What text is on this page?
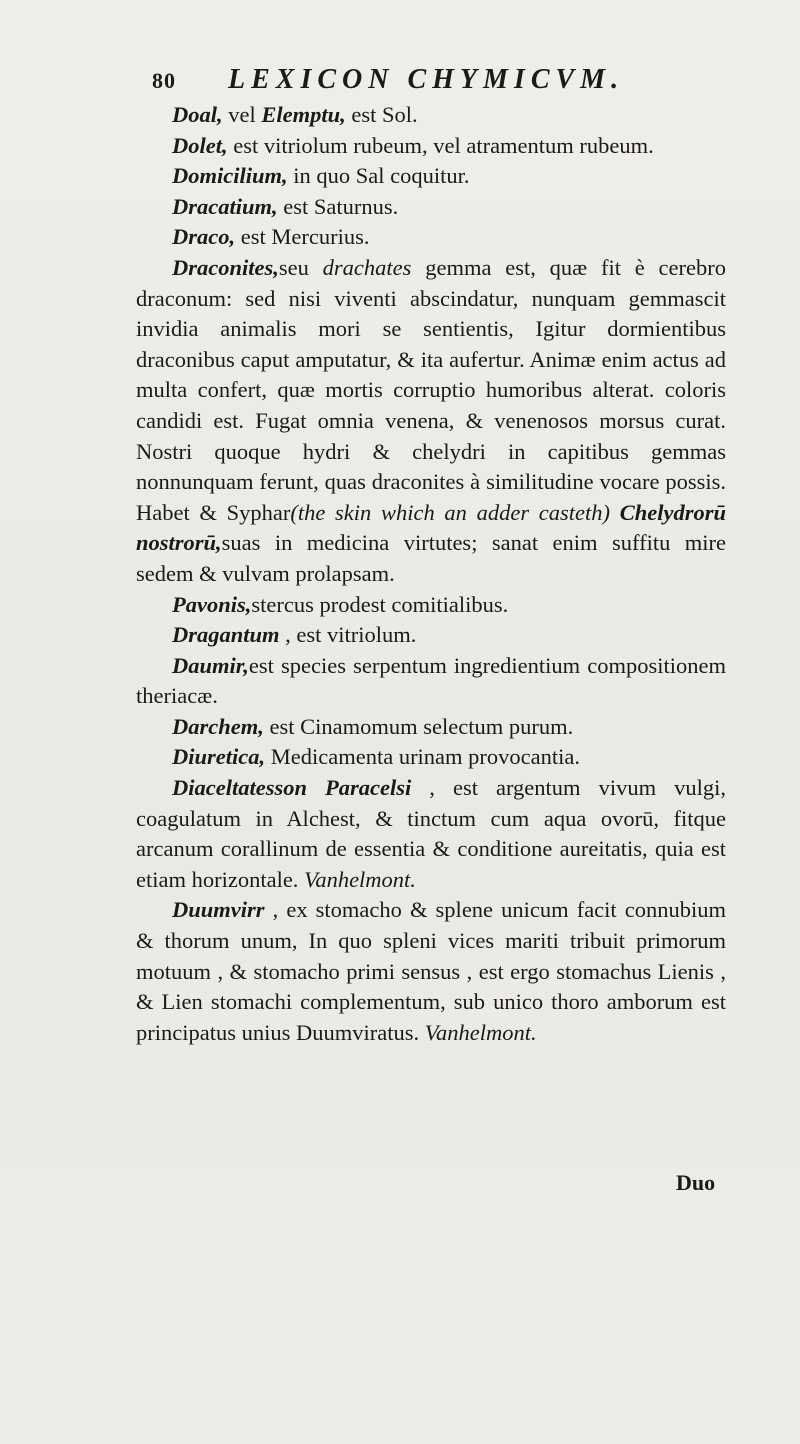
80 LEXICON CHYMICVM.

Doal, vel Elemptu, est Sol.

Dolet, est vitriolum rubeum, vel atramentum rubeum.

Domicilium, in quo Sal coquitur.

Dracatium, est Saturnus.

Draco, est Mercurius.

Draconites,seu drachates gemma est, quæ fit è cerebro draconum: sed nisi viventi abscindatur, nunquam gemmascit invidia animalis mori se sentientis, Igitur dormientibus draconibus caput amputatur, & ita aufertur. Animæ enim actus ad multa confert, quæ mortis corruptio humoribus alterat. coloris candidi est. Fugat omnia venena, & venenosos morsus curat. Nostri quoque hydri & chelydri in capitibus gemmas nonnunquam ferunt, quas draconites à similitudine vocare possis. Habet & Syphar(the skin which an adder casteth) Chelydrorū nostrorū,suas in medicina virtutes; sanat enim suffitu mire sedem & vulvam prolapsam.

Pavonis,stercus prodest comitialibus.

Dragantum , est vitriolum.

Daumir,est species serpentum ingredientium compositionem theriacæ.

Darchem, est Cinamomum selectum purum.

Diuretica, Medicamenta urinam provocantia.

Diaceltatesson Paracelsi , est argentum vivum vulgi, coagulatum in Alchest, & tinctum cum aqua ovorū, fitque arcanum corallinum de essentia & conditione aureitatis, quia est etiam horizontale. Vanhelmont.

Duumvirr , ex stomacho & splene unicum facit connubium & thorum unum, In quo spleni vices mariti tribuit primorum motuum , & stomacho primi sensus , est ergo stomachus Lienis , & Lien stomachi complementum, sub unico thoro amborum est principatus unius Duumviratus. Vanhelmont.

Duo
